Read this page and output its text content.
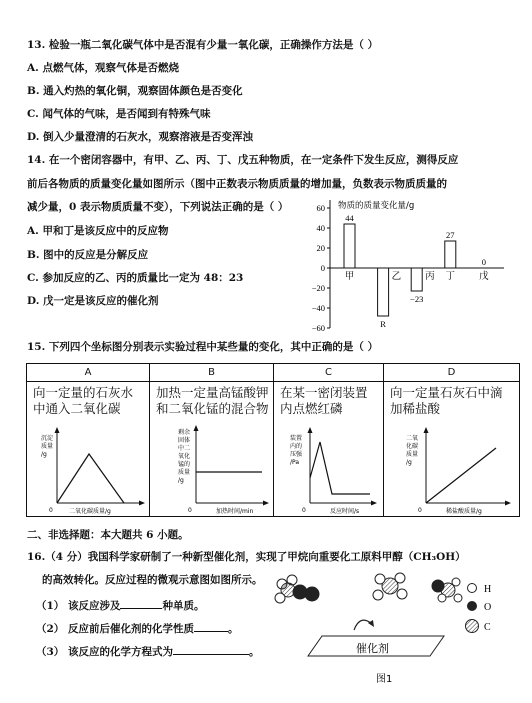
13. 检验一瓶二氧化碳气体中是否混有少量一氧化碳，正确操作方法是（ ）
A. 点燃气体，观察气体是否燃烧
B. 通入灼热的氧化铜，观察固体颜色是否变化
C. 闻气体的气味，是否闻到有特殊气味
D. 倒入少量澄清的石灰水，观察溶液是否变浑浊
14. 在一个密闭容器中，有甲、乙、丙、丁、戊五种物质，在一定条件下发生反应，测得反应
前后各物质的质量变化量如图所示（图中正数表示物质质量的增加量，负数表示物质质量的
减少量，0 表示物质质量不变），下列说法正确的是（ ）
A. 甲和丁是该反应中的反应物
B. 图中的反应是分解反应
C. 参加反应的乙、丙的质量比一定为 48：23
D. 戊一定是该反应的催化剂
60
40
20
0
−20
−40
−60
物质的质量变化量/g
甲
44
乙
R
丙
−23
丁
27
戊
0
15. 下列四个坐标图分别表示实验过程中某些量的变化，其中正确的是（ ）
A
向一定量的石灰水
中通入二氧化碳
沉淀
质量
/g
二氧化碳质量/g
0
B
加热一定量高锰酸钾
和二氧化锰的混合物
剩余
固体
中二
氧化
锰的
质量
/g
加热时间/min
0
C
在某一密闭装置
内点燃红磷
装置
内的
压强
/Pa
反应时间/s
0
D
向一定量石灰石中滴
加稀盐酸
二氧
化碳
质量
/g
稀盐酸质量/g
0
二、非选择题：本大题共 6 小题。
16.（4 分）我国科学家研制了一种新型催化剂，实现了甲烷向重要化工原料甲醇（CH₃OH）
的高效转化。反应过程的微观示意图如图所示。
（1） 该反应涉及	种单质。
（2） 反应前后催化剂的化学性质	。
（3） 该反应的化学方程式为	。
H
O
C
催化剂
图1
